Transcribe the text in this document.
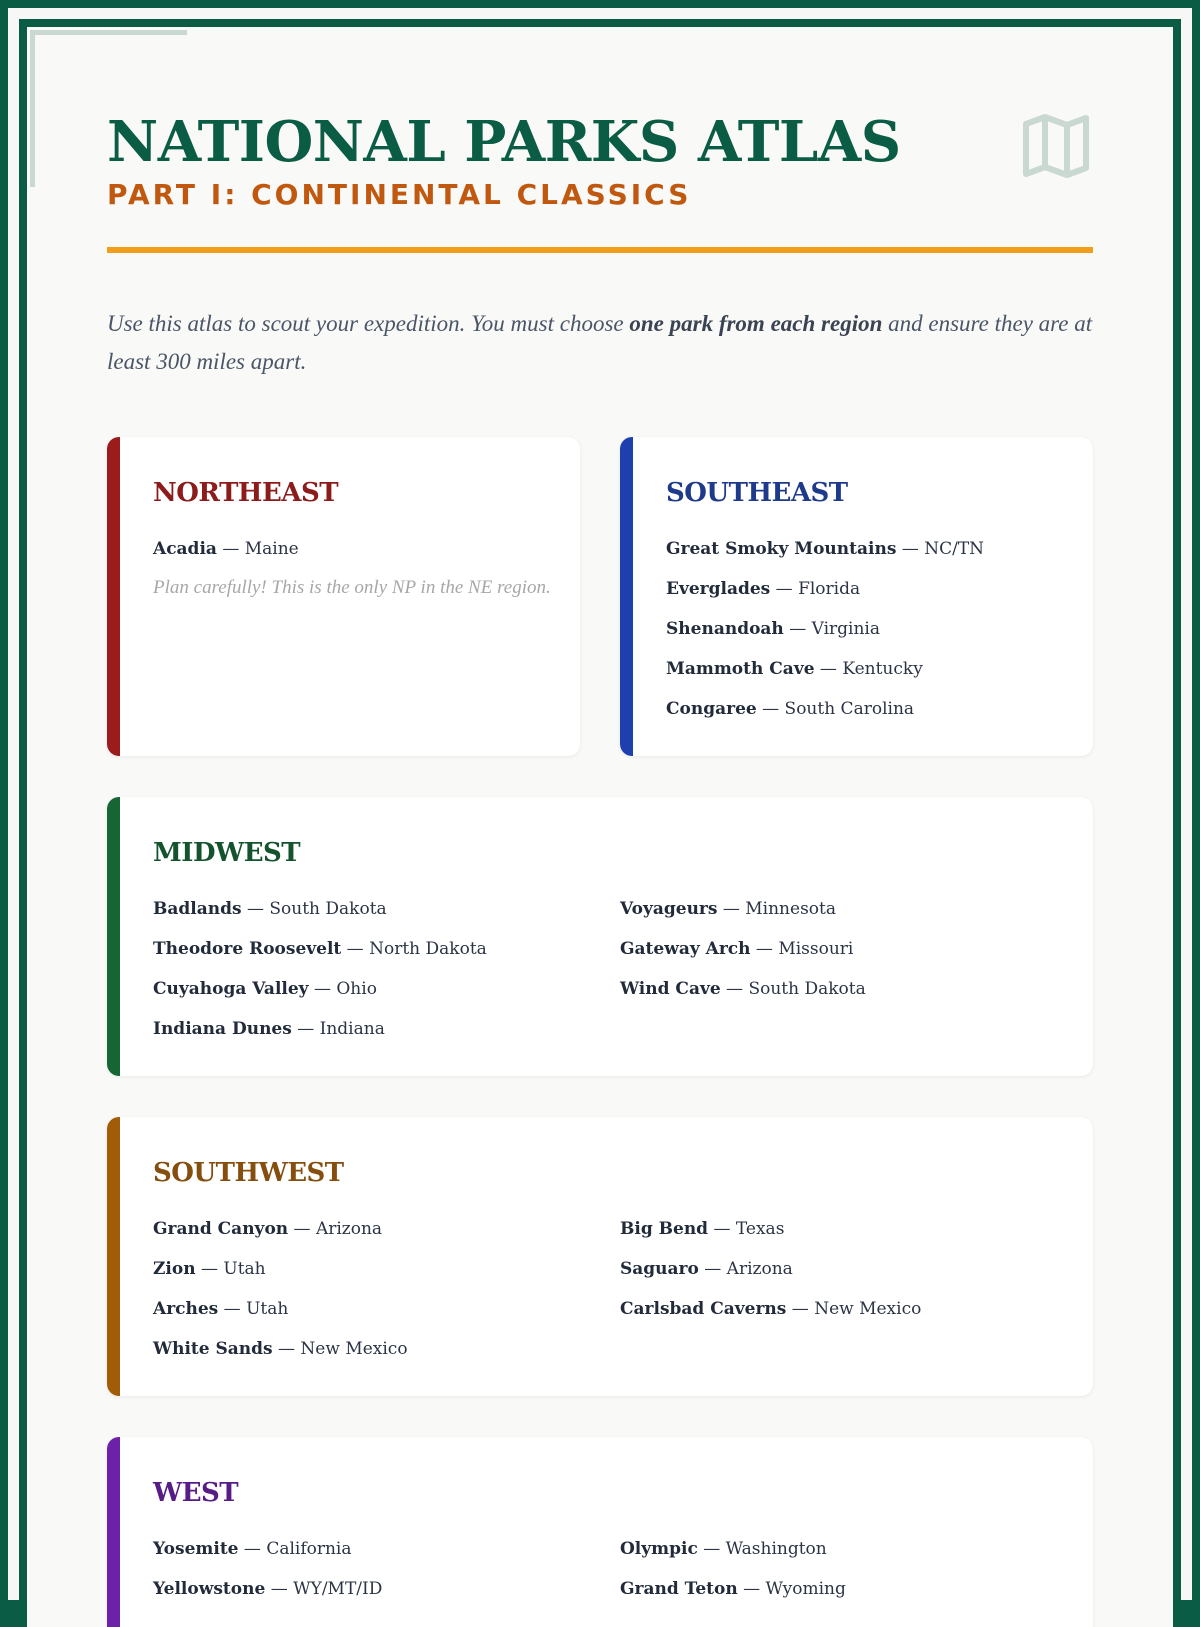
NATIONAL PARKS ATLAS
PART I: CONTINENTAL CLASSICS

Use this atlas to scout your expedition. You must choose one park from each region and ensure they are at least 300 miles apart.

NORTHEAST
Acadia — Maine

Plan carefully! This is the only NP in the NE region.

SOUTHEAST
Great Smoky Mountains — NC/TN
Everglades — Florida
Shenandoah — Virginia
Mammoth Cave — Kentucky
Congaree — South Carolina
MIDWEST
Badlands — South Dakota
Theodore Roosevelt — North Dakota
Cuyahoga Valley — Ohio
Indiana Dunes — Indiana
Voyageurs — Minnesota
Gateway Arch — Missouri
Wind Cave — South Dakota
SOUTHWEST
Grand Canyon — Arizona
Zion — Utah
Arches — Utah
White Sands — New Mexico
Big Bend — Texas
Saguaro — Arizona
Carlsbad Caverns — New Mexico
WEST
Yosemite — California
Yellowstone — WY/MT/ID
Olympic — Washington
Grand Teton — Wyoming
